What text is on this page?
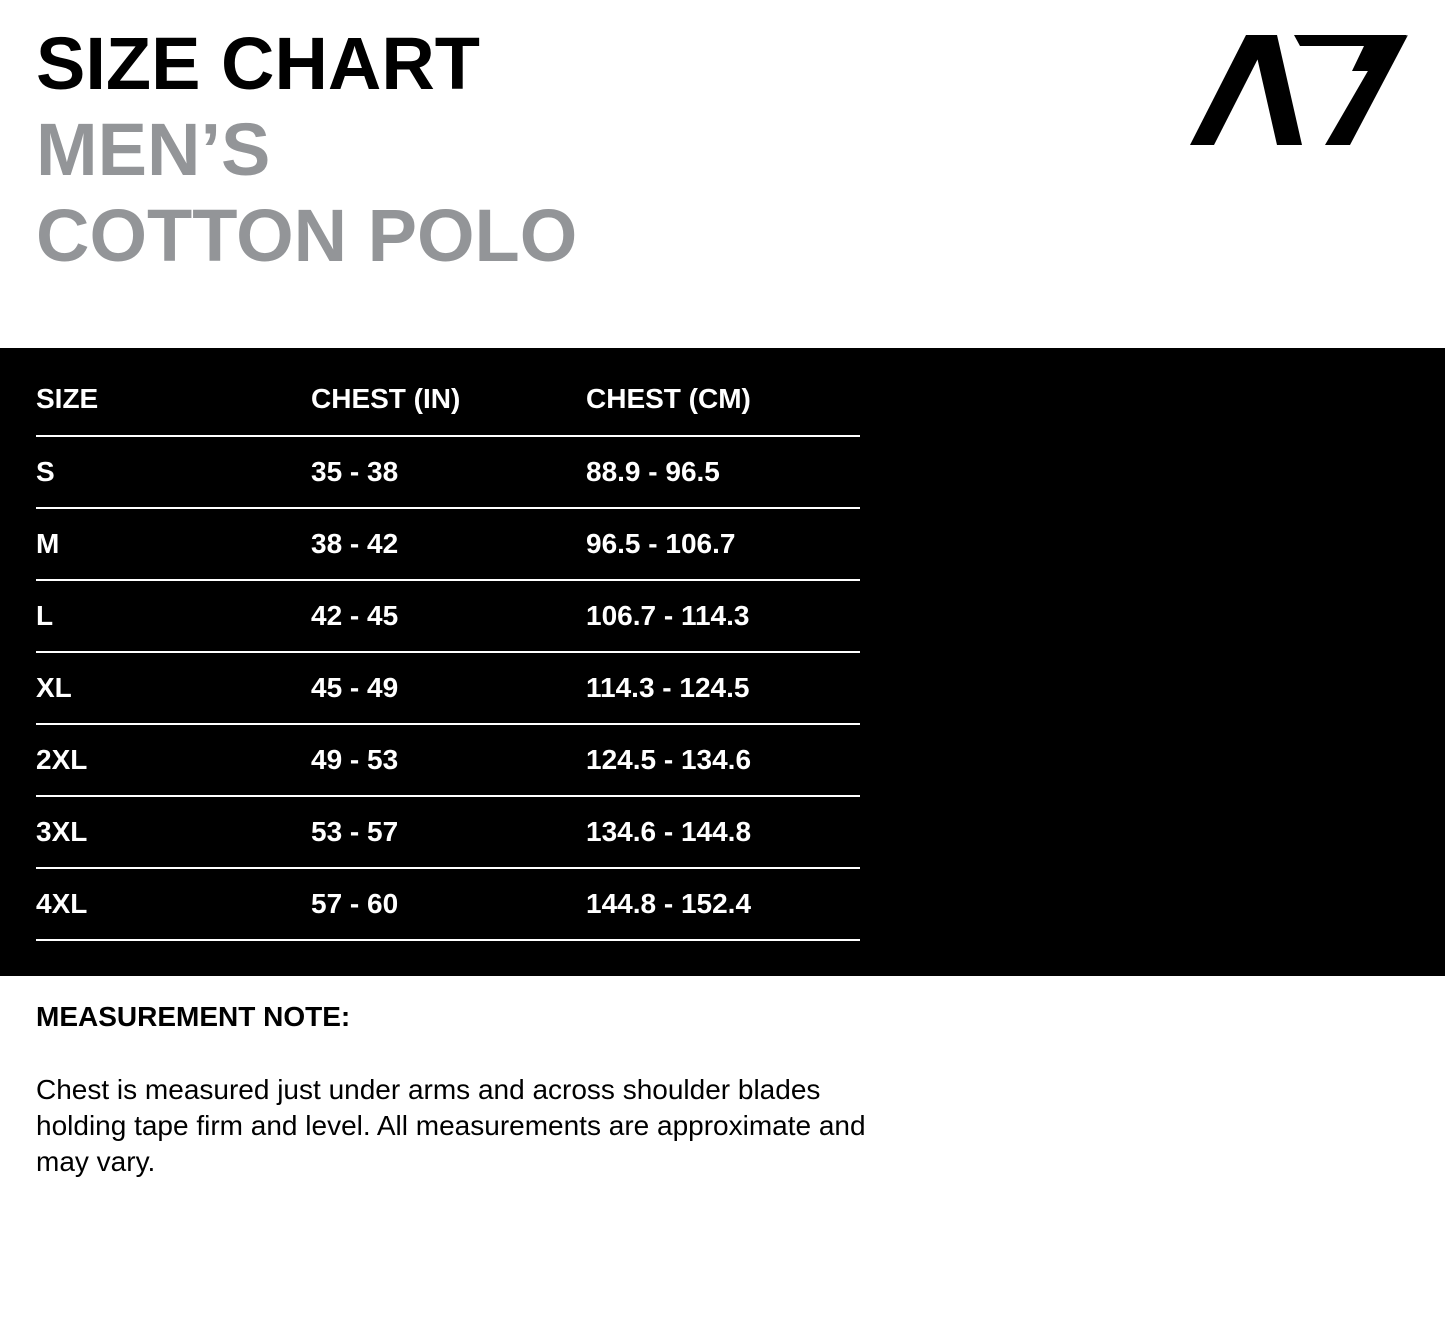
SIZE CHART
MEN’S
COTTON POLO
SIZE	CHEST (IN)	CHEST (CM)
S	35 - 38	88.9 - 96.5
M	38 - 42	96.5 - 106.7
L	42 - 45	106.7 - 114.3
XL	45 - 49	114.3 - 124.5
2XL	49 - 53	124.5 - 134.6
3XL	53 - 57	134.6 - 144.8
4XL	57 - 60	144.8 - 152.4

MEASUREMENT NOTE:

Chest is measured just under arms and across shoulder blades holding tape firm and level. All measurements are approximate and may vary.
